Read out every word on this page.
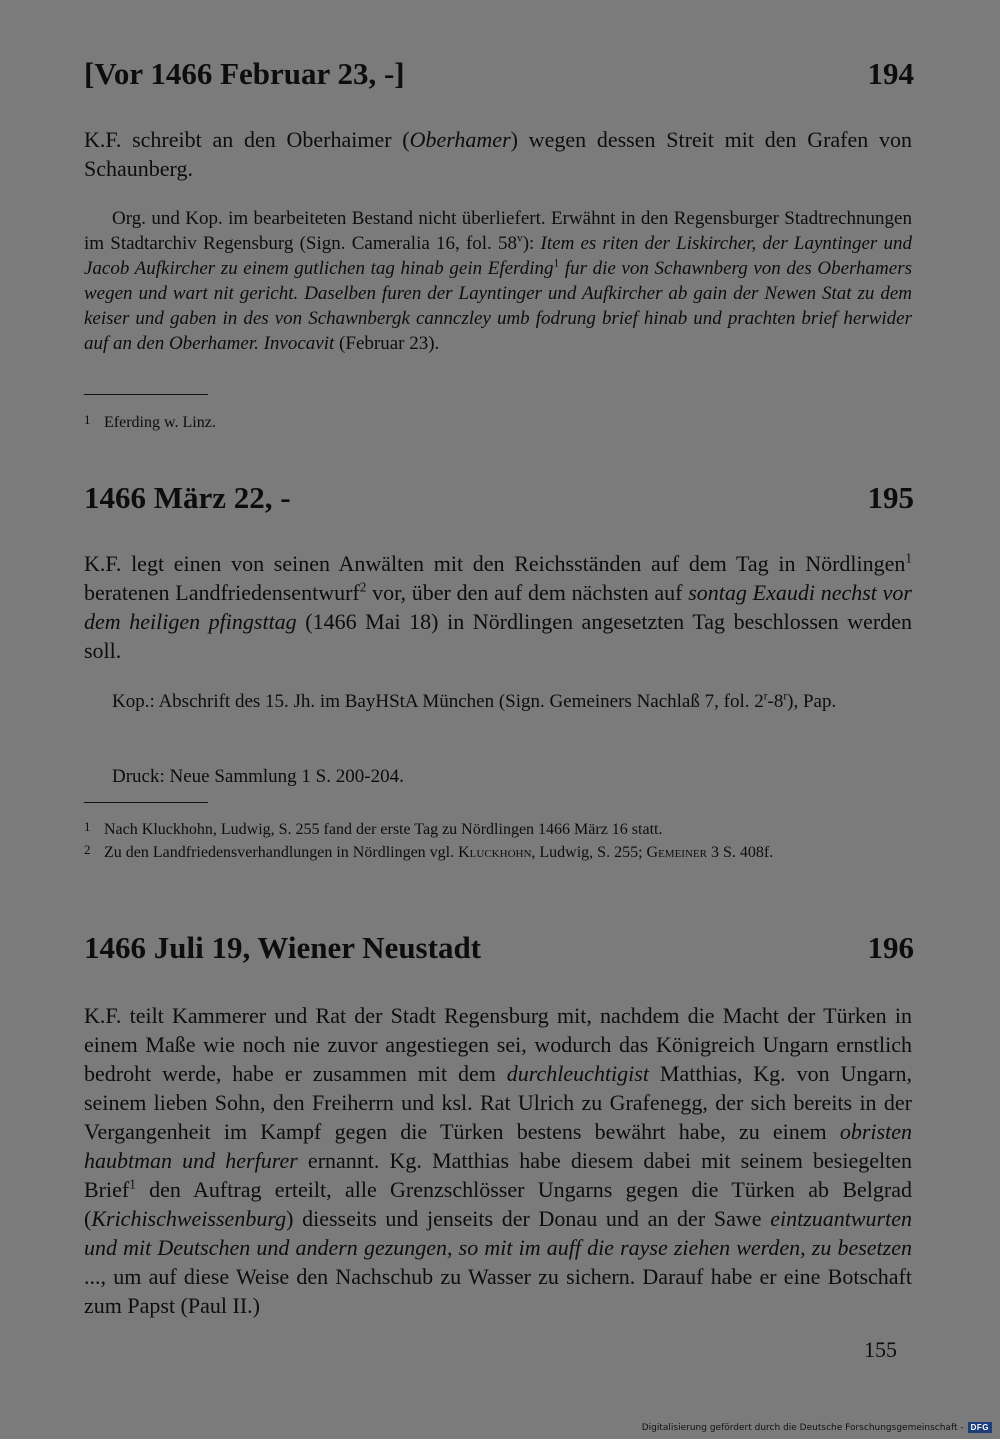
[Vor 1466 Februar 23, -]	194

K.F. schreibt an den Oberhaimer (Oberhamer) wegen dessen Streit mit den Grafen von Schaunberg.

Org. und Kop. im bearbeiteten Bestand nicht überliefert. Erwähnt in den Regensburger Stadtrechnungen im Stadtarchiv Regensburg (Sign. Cameralia 16, fol. 58$^v$): Item es riten der Liskircher, der Layntinger und Jacob Aufkircher zu einem gutlichen tag hinab gein Eferding$^1$ fur die von Schawnberg von des Oberhamers wegen und wart nit gericht. Daselben furen der Layntinger und Aufkircher ab gain der Newen Stat zu dem keiser und gaben in des von Schawnbergk cannczley umb fodrung brief hinab und prachten brief herwider auf an den Oberhamer. Invocavit (Februar 23).

1 Eferding w. Linz.
1466 März 22, -	195

K.F. legt einen von seinen Anwälten mit den Reichsständen auf dem Tag in Nördlingen$^1$ beratenen Landfriedensentwurf$^2$ vor, über den auf dem nächsten auf sontag Exaudi nechst vor dem heiligen pfingsttag (1466 Mai 18) in Nördlingen angesetzten Tag beschlossen werden soll.

Kop.: Abschrift des 15. Jh. im BayHStA München (Sign. Gemeiners Nachlaß 7, fol. 2$^r$-8$^r$), Pap.

Druck: Neue Sammlung 1 S. 200-204.

1 Nach Kluckhohn, Ludwig, S. 255 fand der erste Tag zu Nördlingen 1466 März 16 statt.
2 Zu den Landfriedensverhandlungen in Nördlingen vgl. Kluckhohn, Ludwig, S. 255; Gemeiner 3 S. 408f.
1466 Juli 19, Wiener Neustadt	196

K.F. teilt Kammerer und Rat der Stadt Regensburg mit, nachdem die Macht der Türken in einem Maße wie noch nie zuvor angestiegen sei, wodurch das Königreich Ungarn ernstlich bedroht werde, habe er zusammen mit dem durchleuchtigist Matthias, Kg. von Ungarn, seinem lieben Sohn, den Freiherrn und ksl. Rat Ulrich zu Grafenegg, der sich bereits in der Vergangenheit im Kampf gegen die Türken bestens bewährt habe, zu einem obristen haubtman und herfurer ernannt. Kg. Matthias habe diesem dabei mit seinem besiegelten Brief$^1$ den Auftrag erteilt, alle Grenzschlösser Ungarns gegen die Türken ab Belgrad (Krichischweissenburg) diesseits und jenseits der Donau und an der Sawe eintzuantwurten und mit Deutschen und andern gezungen, so mit im auff die rayse ziehen werden, zu besetzen ..., um auf diese Weise den Nachschub zu Wasser zu sichern. Darauf habe er eine Botschaft zum Papst (Paul II.)

155
Digitalisierung gefördert durch die Deutsche Forschungsgemeinschaft - DFG
